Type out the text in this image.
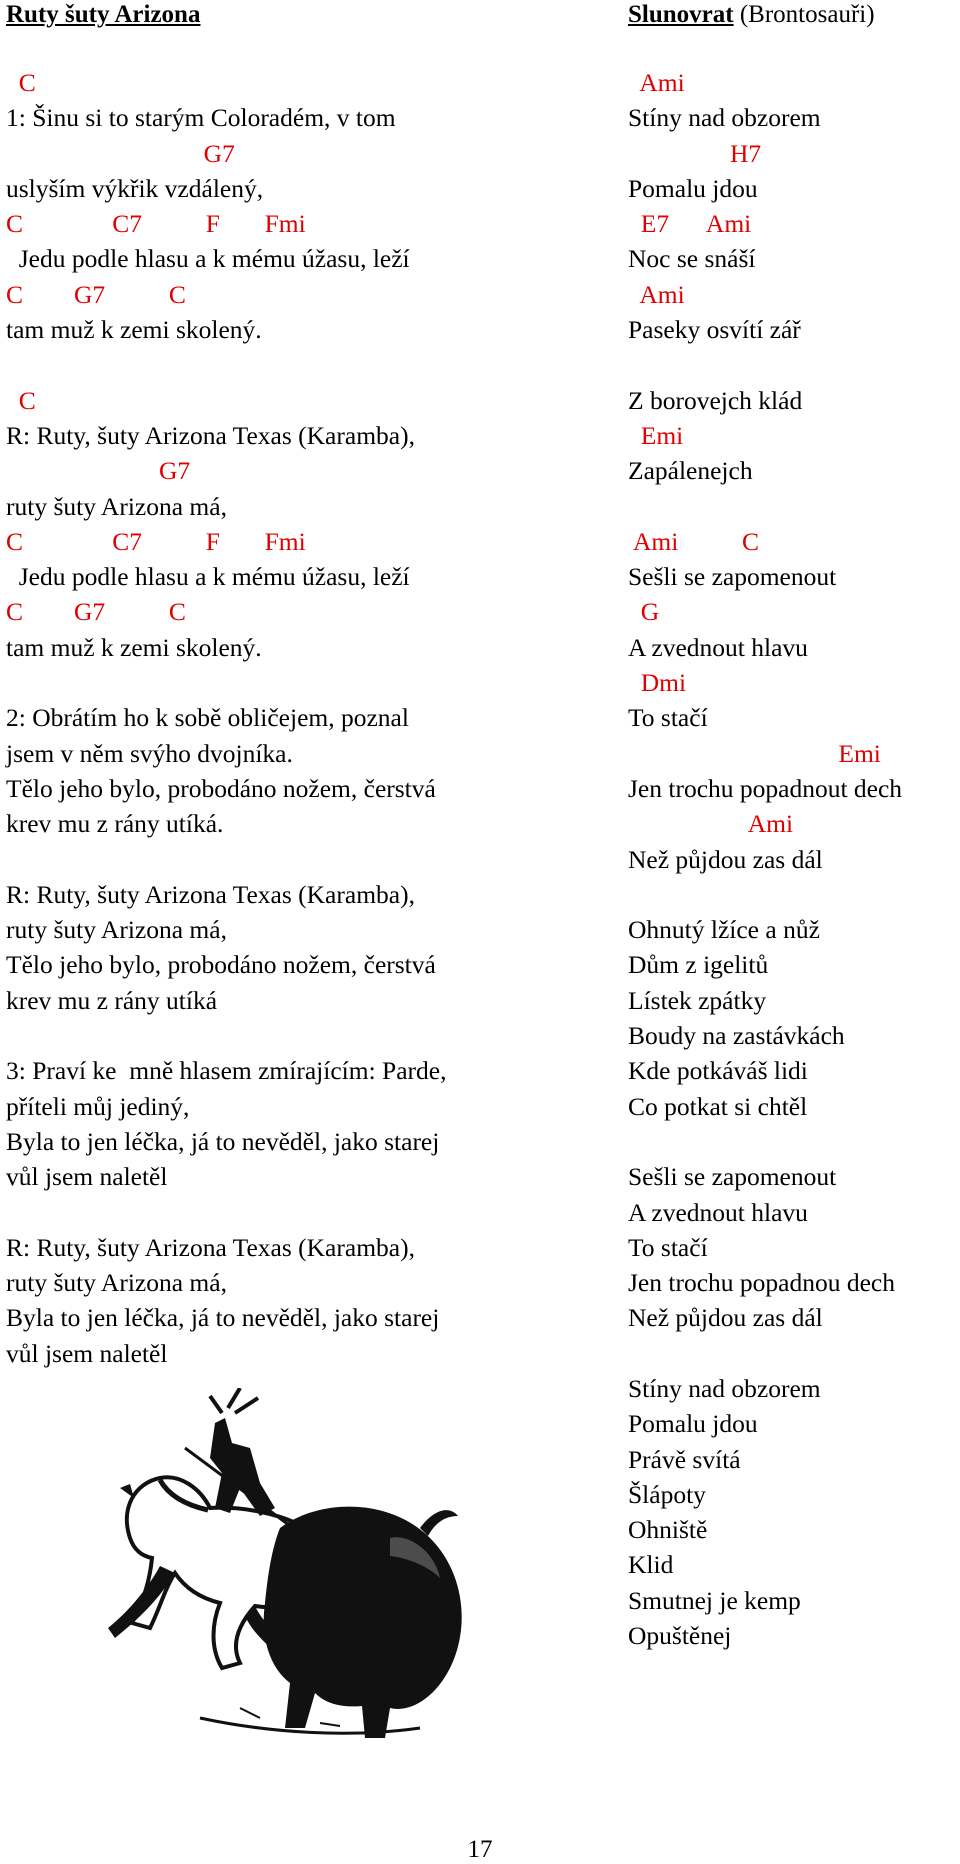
Ruty šuty Arizona
C
1: Šinu si to starým Coloradém, v tom
G7
uslyším výkřik vzdálený,
C              C7          F       Fmi
Jedu podle hlasu a k mému úžasu, leží
C        G7          C
tam muž k zemi skolený.
C
R: Ruty, šuty Arizona Texas (Karamba),
G7
ruty šuty Arizona má,
C              C7          F       Fmi
Jedu podle hlasu a k mému úžasu, leží
C        G7          C
tam muž k zemi skolený.
2: Obrátím ho k sobě obličejem, poznal
jsem v něm svýho dvojníka.
Tělo jeho bylo, probodáno nožem, čerstvá
krev mu z rány utíká.
R: Ruty, šuty Arizona Texas (Karamba),
ruty šuty Arizona má,
Tělo jeho bylo, probodáno nožem, čerstvá
krev mu z rány utíká
3: Praví ke  mně hlasem zmírajícím: Parde,
příteli můj jediný,
Byla to jen léčka, já to nevěděl, jako starej
vůl jsem naletěl
R: Ruty, šuty Arizona Texas (Karamba),
ruty šuty Arizona má,
Byla to jen léčka, já to nevěděl, jako starej
vůl jsem naletěl
Slunovrat (Brontosauři)
Ami
Stíny nad obzorem
H7
Pomalu jdou
E7      Ami
Noc se snáší
Ami
Paseky osvítí zář
Z borovejch klád
Emi
Zapálenejch
Ami          C
Sešli se zapomenout
G
A zvednout hlavu
Dmi
To stačí
Emi
Jen trochu popadnout dech
Ami
Než půjdou zas dál
Ohnutý lžíce a nůž
Dům z igelitů
Lístek zpátky
Boudy na zastávkách
Kde potkáváš lidi
Co potkat si chtěl
Sešli se zapomenout
A zvednout hlavu
To stačí
Jen trochu popadnou dech
Než půjdou zas dál
Stíny nad obzorem
Pomalu jdou
Právě svítá
Šlápoty
Ohniště
Klid
Smutnej je kemp
Opuštěnej
17
